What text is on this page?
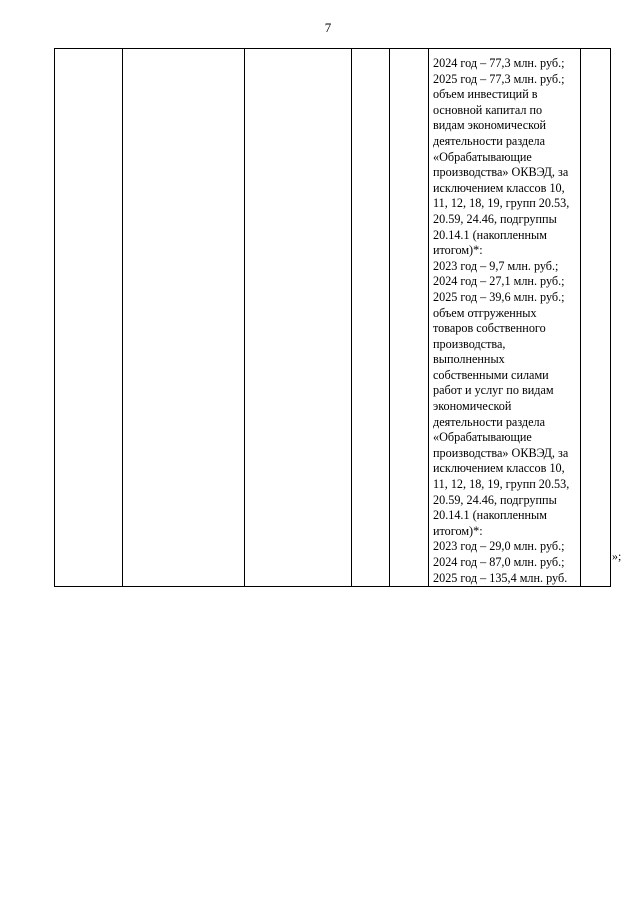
7

2024 год – 77,3 млн. руб.;
2025 год – 77,3 млн. руб.;
объем инвестиций в
основной капитал по
видам экономической
деятельности раздела
«Обрабатывающие
производства» ОКВЭД, за
исключением классов 10,
11, 12, 18, 19, групп 20.53,
20.59, 24.46, подгруппы
20.14.1 (накопленным
итогом)*:
2023 год – 9,7 млн. руб.;
2024 год – 27,1 млн. руб.;
2025 год – 39,6 млн. руб.;
объем отгруженных
товаров собственного
производства,
выполненных
собственными силами
работ и услуг по видам
экономической
деятельности раздела
«Обрабатывающие
производства» ОКВЭД, за
исключением классов 10,
11, 12, 18, 19, групп 20.53,
20.59, 24.46, подгруппы
20.14.1 (накопленным
итогом)*:
2023 год – 29,0 млн. руб.;
2024 год – 87,0 млн. руб.;
2025 год – 135,4 млн. руб.

»;
